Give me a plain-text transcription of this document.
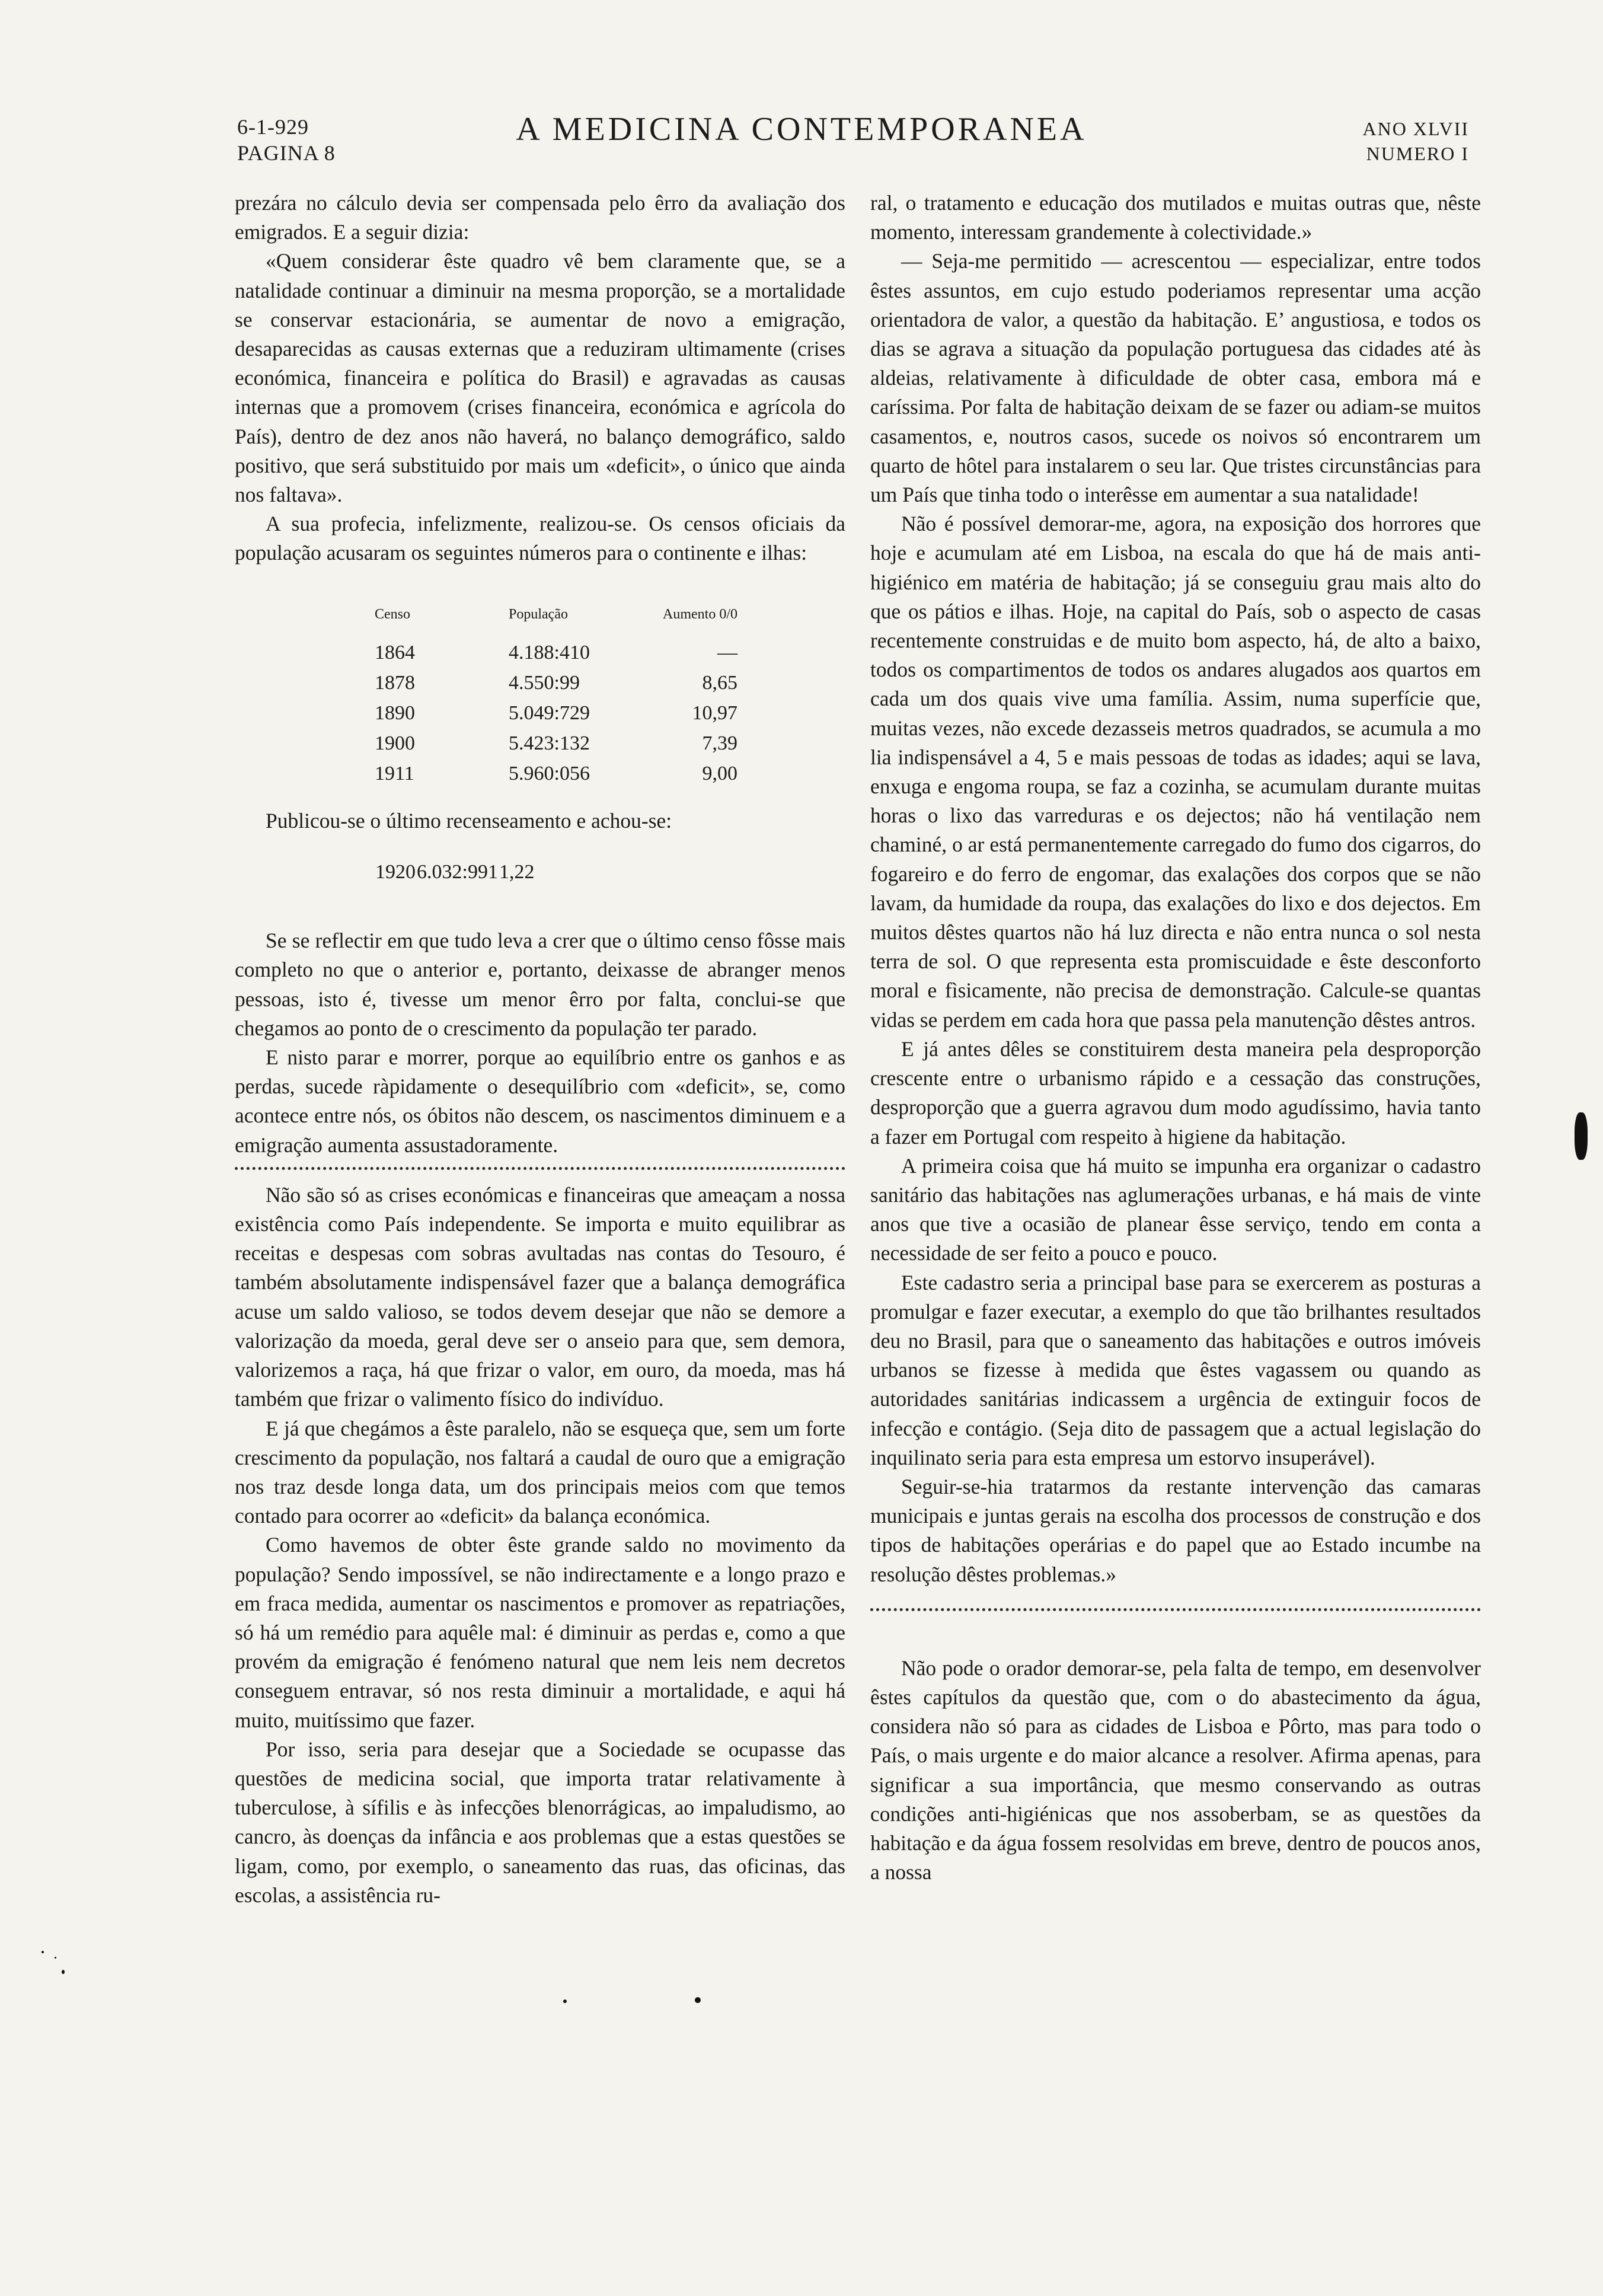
6-1-929
PAGINA 8
A MEDICINA CONTEMPORANEA	ANO XLVII
NUMERO I

prezára no cálculo devia ser compensada pelo êrro da avaliação dos emigrados. E a seguir dizia:

«Quem considerar êste quadro vê bem claramente que, se a natalidade continuar a diminuir na mesma proporção, se a mortalidade se conservar estacionária, se aumentar de novo a emigração, desaparecidas as causas externas que a reduziram ultimamente (crises económica, financeira e política do Brasil) e agravadas as causas internas que a promovem (crises financeira, económica e agrícola do País), dentro de dez anos não haverá, no balanço demográfico, saldo positivo, que será substituido por mais um «deficit», o único que ainda nos faltava».

A sua profecia, infelizmente, realizou-se. Os censos oficiais da população acusaram os seguintes números para o continente e ilhas:

Censo	População	Aumento 0/0
1864	4.188:410	—
1878	4.550:99	8,65
1890	5.049:729	10,97
1900	5.423:132	7,39
1911	5.960:056	9,00

Publicou-se o último recenseamento e achou-se:

1920	6.032:991	1,22

Se se reflectir em que tudo leva a crer que o último censo fôsse mais completo no que o anterior e, portanto, deixasse de abranger menos pessoas, isto é, tivesse um menor êrro por falta, conclui-se que chegamos ao ponto de o crescimento da população ter parado.

E nisto parar e morrer, porque ao equilíbrio entre os ganhos e as perdas, sucede ràpidamente o desequilíbrio com «deficit», se, como acontece entre nós, os óbitos não descem, os nascimentos diminuem e a emigração aumenta assustadoramente.

Não são só as crises económicas e financeiras que ameaçam a nossa existência como País independente. Se importa e muito equilibrar as receitas e despesas com sobras avultadas nas contas do Tesouro, é também absolutamente indispensável fazer que a balança demográfica acuse um saldo valioso, se todos devem desejar que não se demore a valorização da moeda, geral deve ser o anseio para que, sem demora, valorizemos a raça, há que frizar o valor, em ouro, da moeda, mas há também que frizar o valimento físico do indivíduo.

E já que chegámos a êste paralelo, não se esqueça que, sem um forte crescimento da população, nos faltará a caudal de ouro que a emigração nos traz desde longa data, um dos principais meios com que temos contado para ocorrer ao «deficit» da balança económica.

Como havemos de obter êste grande saldo no movimento da população? Sendo impossível, se não indirectamente e a longo prazo e em fraca medida, aumentar os nascimentos e promover as repatriações, só há um remédio para aquêle mal: é diminuir as perdas e, como a que provém da emigração é fenómeno natural que nem leis nem decretos conseguem entravar, só nos resta diminuir a mortalidade, e aqui há muito, muitíssimo que fazer.

Por isso, seria para desejar que a Sociedade se ocupasse das questões de medicina social, que importa tratar relativamente à tuberculose, à sífilis e às infecções blenorrágicas, ao impaludismo, ao cancro, às doenças da infância e aos problemas que a estas questões se ligam, como, por exemplo, o saneamento das ruas, das oficinas, das escolas, a assistência ru-

ral, o tratamento e educação dos mutilados e muitas outras que, nêste momento, interessam grandemente à colectividade.»

— Seja-me permitido — acrescentou — especializar, entre todos êstes assuntos, em cujo estudo poderiamos representar uma acção orientadora de valor, a questão da habitação. E’ angustiosa, e todos os dias se agrava a situação da população portuguesa das cidades até às aldeias, relativamente à dificuldade de obter casa, embora má e caríssima. Por falta de habitação deixam de se fazer ou adiam-se muitos casamentos, e, noutros casos, sucede os noivos só encontrarem um quarto de hôtel para instalarem o seu lar. Que tristes circunstâncias para um País que tinha todo o interêsse em aumentar a sua natalidade!

Não é possível demorar-me, agora, na exposição dos horrores que hoje e acumulam até em Lisboa, na escala do que há de mais anti-higiénico em matéria de habitação; já se conseguiu grau mais alto do que os pátios e ilhas. Hoje, na capital do País, sob o aspecto de casas recentemente construidas e de muito bom aspecto, há, de alto a baixo, todos os compartimentos de todos os andares alugados aos quartos em cada um dos quais vive uma família. Assim, numa superfície que, muitas vezes, não excede dezasseis metros quadrados, se acumula a mo lia indispensável a 4, 5 e mais pessoas de todas as idades; aqui se lava, enxuga e engoma roupa, se faz a cozinha, se acumulam durante muitas horas o lixo das varreduras e os dejectos; não há ventilação nem chaminé, o ar está permanentemente carregado do fumo dos cigarros, do fogareiro e do ferro de engomar, das exalações dos corpos que se não lavam, da humidade da roupa, das exalações do lixo e dos dejectos. Em muitos dêstes quartos não há luz directa e não entra nunca o sol nesta terra de sol. O que representa esta promiscuidade e êste desconforto moral e fìsicamente, não precisa de demonstração. Calcule-se quantas vidas se perdem em cada hora que passa pela manutenção dêstes antros.

E já antes dêles se constituirem desta maneira pela desproporção crescente entre o urbanismo rápido e a cessação das construções, desproporção que a guerra agravou dum modo agudíssimo, havia tanto a fazer em Portugal com respeito à higiene da habitação.

A primeira coisa que há muito se impunha era organizar o cadastro sanitário das habitações nas aglumerações urbanas, e há mais de vinte anos que tive a ocasião de planear êsse serviço, tendo em conta a necessidade de ser feito a pouco e pouco.

Este cadastro seria a principal base para se exercerem as posturas a promulgar e fazer executar, a exemplo do que tão brilhantes resultados deu no Brasil, para que o saneamento das habitações e outros imóveis urbanos se fizesse à medida que êstes vagassem ou quando as autoridades sanitárias indicassem a urgência de extinguir focos de infecção e contágio. (Seja dito de passagem que a actual legislação do inquilinato seria para esta empresa um estorvo insuperável).

Seguir-se-hia tratarmos da restante intervenção das camaras municipais e juntas gerais na escolha dos processos de construção e dos tipos de habitações operárias e do papel que ao Estado incumbe na resolução dêstes problemas.»

Não pode o orador demorar-se, pela falta de tempo, em desenvolver êstes capítulos da questão que, com o do abastecimento da água, considera não só para as cidades de Lisboa e Pôrto, mas para todo o País, o mais urgente e do maior alcance a resolver. Afirma apenas, para significar a sua importância, que mesmo conservando as outras condições anti-higiénicas que nos assoberbam, se as questões da habitação e da água fossem resolvidas em breve, dentro de poucos anos, a nossa
